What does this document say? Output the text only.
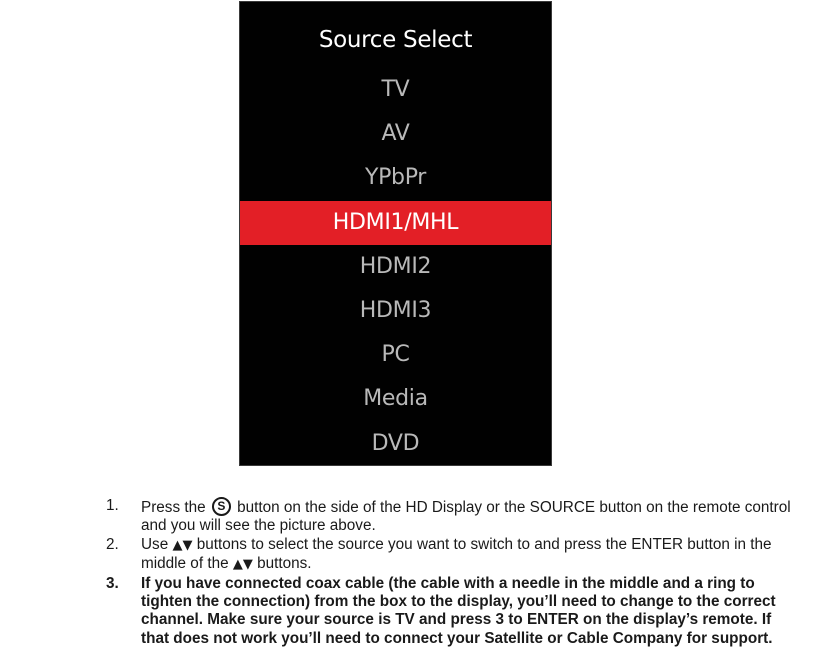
Source Select
TV
AV
YPbPr
HDMI1/MHL
HDMI2
HDMI3
PC
Media
DVD
1. Press the S button on the side of the HD Display or the SOURCE button on the remote control and you will see the picture above.
2. Use ▲▼ buttons to select the source you want to switch to and press the ENTER button in the middle of the ▲▼ buttons.
3. If you have connected coax cable (the cable with a needle in the middle and a ring to tighten the connection) from the box to the display, you’ll need to change to the correct channel. Make sure your source is TV and press 3 to ENTER on the display’s remote. If that does not work you’ll need to connect your Satellite or Cable Company for support.
